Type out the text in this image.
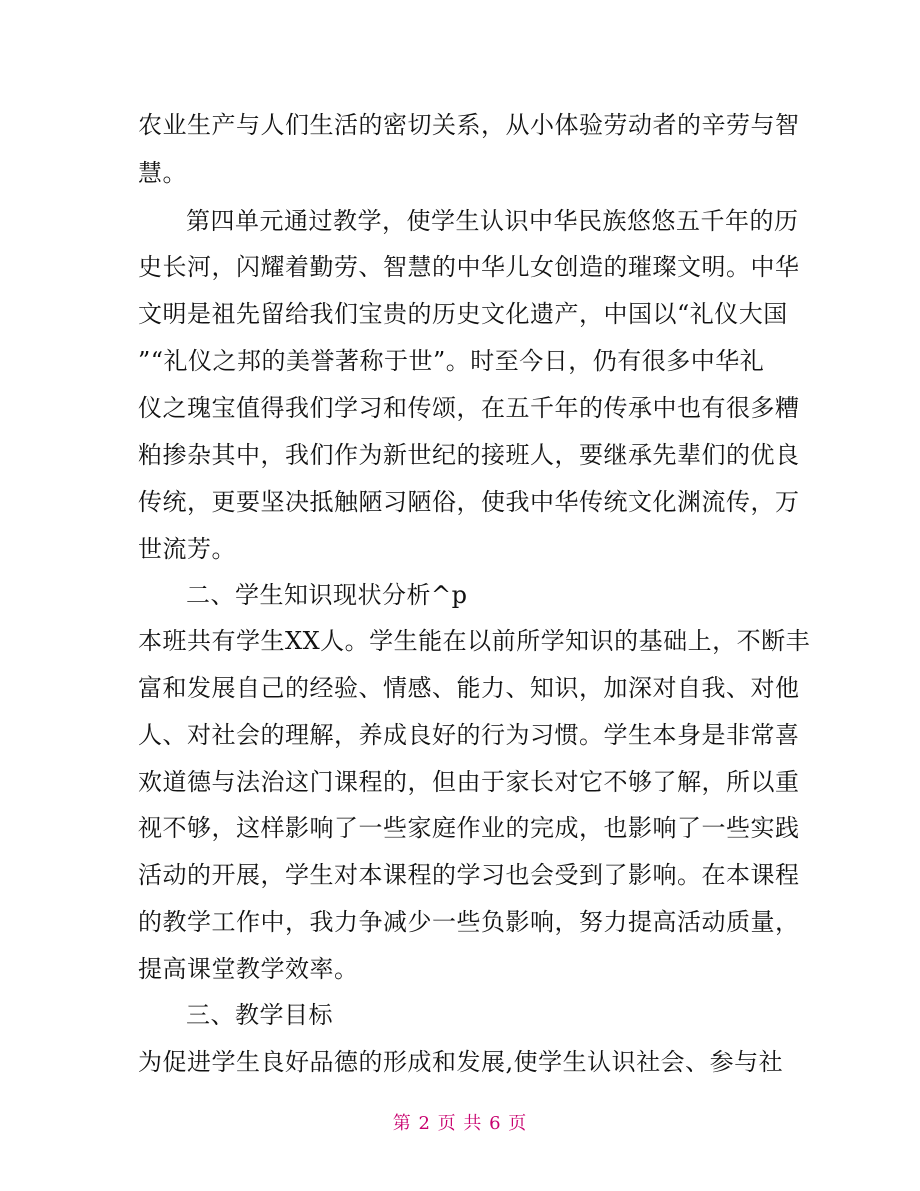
农业生产与人们生活的密切关系，从小体验劳动者的辛劳与智
慧。
第四单元通过教学，使学生认识中华民族悠悠五千年的历
史长河，闪耀着勤劳、智慧的中华儿女创造的璀璨文明。中华
文明是祖先留给我们宝贵的历史文化遗产，中国以“礼仪大国
”“礼仪之邦的美誉著称于世”。时至今日，仍有很多中华礼
仪之瑰宝值得我们学习和传颂，在五千年的传承中也有很多糟
粕掺杂其中，我们作为新世纪的接班人，要继承先辈们的优良
传统，更要坚决抵触陋习陋俗，使我中华传统文化渊流传，万
世流芳。
二、学生知识现状分析^p
本班共有学生XX人。学生能在以前所学知识的基础上，不断丰
富和发展自己的经验、情感、能力、知识，加深对自我、对他
人、对社会的理解，养成良好的行为习惯。学生本身是非常喜
欢道德与法治这门课程的，但由于家长对它不够了解，所以重
视不够，这样影响了一些家庭作业的完成，也影响了一些实践
活动的开展，学生对本课程的学习也会受到了影响。在本课程
的教学工作中，我力争减少一些负影响，努力提高活动质量，
提高课堂教学效率。
三、教学目标
为促进学生良好品德的形成和发展,使学生认识社会、参与社
第 2 页 共 6 页
